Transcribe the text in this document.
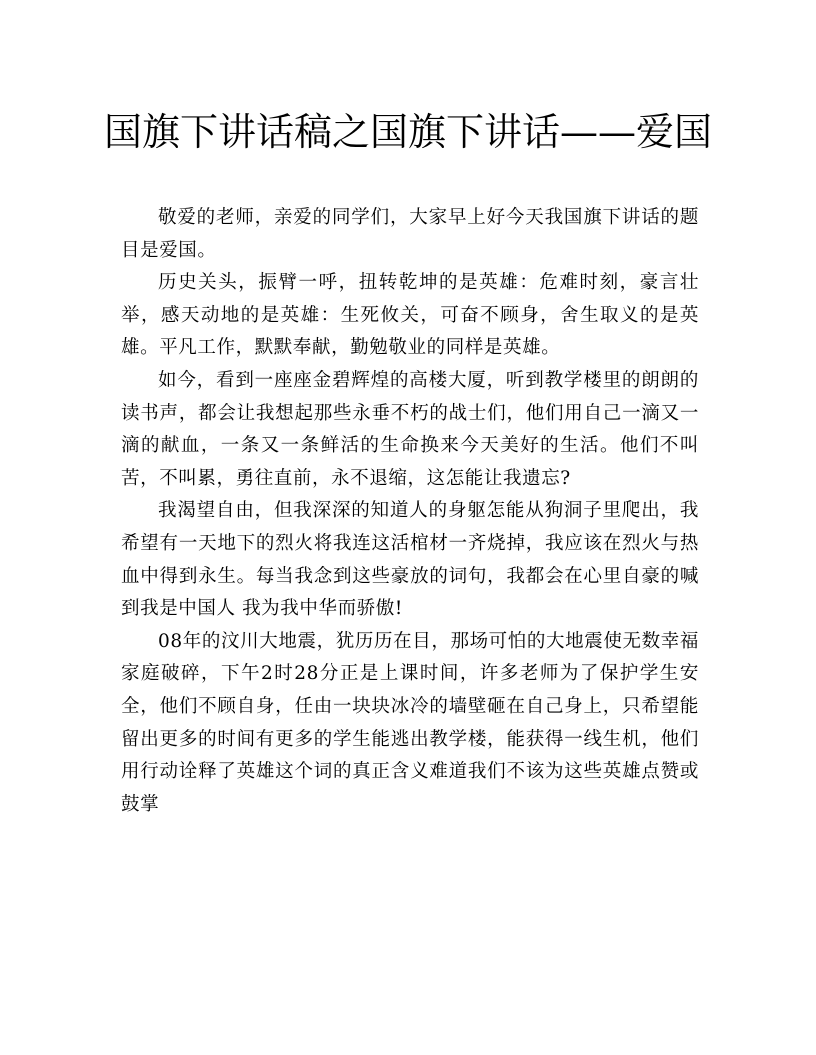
国旗下讲话稿之国旗下讲话——爱国

敬爱的老师，亲爱的同学们，大家早上好今天我国旗下讲话的题目是爱国。

历史关头，振臂一呼，扭转乾坤的是英雄：危难时刻，豪言壮举，感天动地的是英雄：生死攸关，可奋不顾身，舍生取义的是英雄。平凡工作，默默奉献，勤勉敬业的同样是英雄。

如今，看到一座座金碧辉煌的高楼大厦，听到教学楼里的朗朗的读书声，都会让我想起那些永垂不朽的战士们，他们用自己一滴又一滴的献血，一条又一条鲜活的生命换来今天美好的生活。他们不叫苦，不叫累，勇往直前，永不退缩，这怎能让我遗忘?

我渴望自由，但我深深的知道人的身躯怎能从狗洞子里爬出，我希望有一天地下的烈火将我连这活棺材一齐烧掉，我应该在烈火与热血中得到永生。每当我念到这些豪放的词句，我都会在心里自豪的喊到我是中国人 我为我中华而骄傲!

08年的汶川大地震，犹历历在目，那场可怕的大地震使无数幸福家庭破碎，下午2时28分正是上课时间，许多老师为了保护学生安全，他们不顾自身，任由一块块冰冷的墙壁砸在自己身上，只希望能留出更多的时间有更多的学生能逃出教学楼，能获得一线生机，他们用行动诠释了英雄这个词的真正含义难道我们不该为这些英雄点赞或鼓掌
